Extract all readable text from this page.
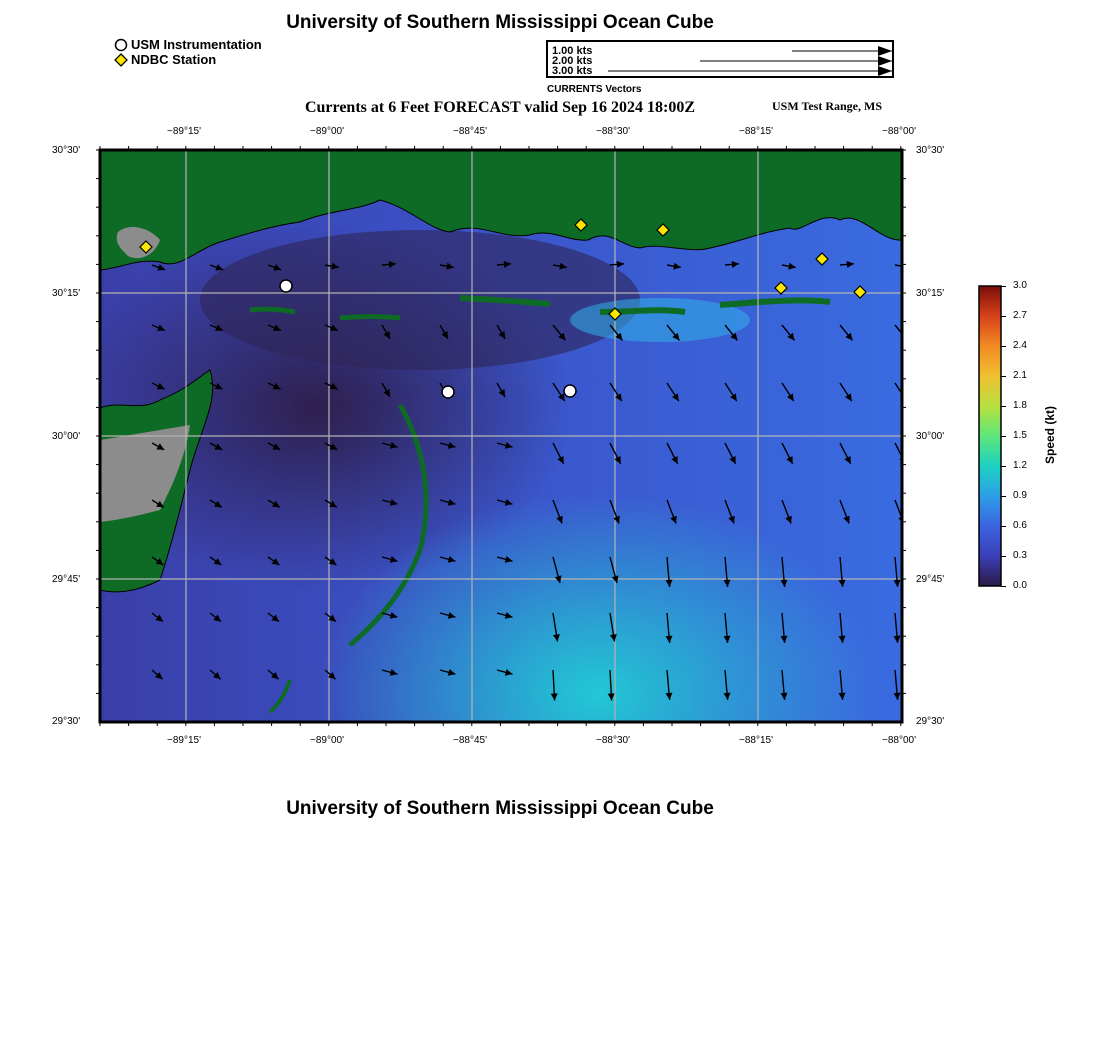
University of Southern Mississippi Ocean Cube
USM Instrumentation
NDBC Station
1.00 kts
2.00 kts
3.00 kts
CURRENTS Vectors
Currents at 6 Feet FORECAST valid Sep 16 2024 18:00Z	USM Test Range, MS
−89°15'	−89°00'	−88°45'	−88°30'	−88°15'	−88°00'
−89°15'	−89°00'	−88°45'	−88°30'	−88°15'	−88°00'
30°30'
30°15'
30°00'
29°45'
29°30'
30°30'
30°15'
30°00'
29°45'
29°30'
3.0
2.7
2.4
2.1
1.8
1.5
1.2
0.9
0.6
0.3
0.0
Speed (kt)
University of Southern Mississippi Ocean Cube
